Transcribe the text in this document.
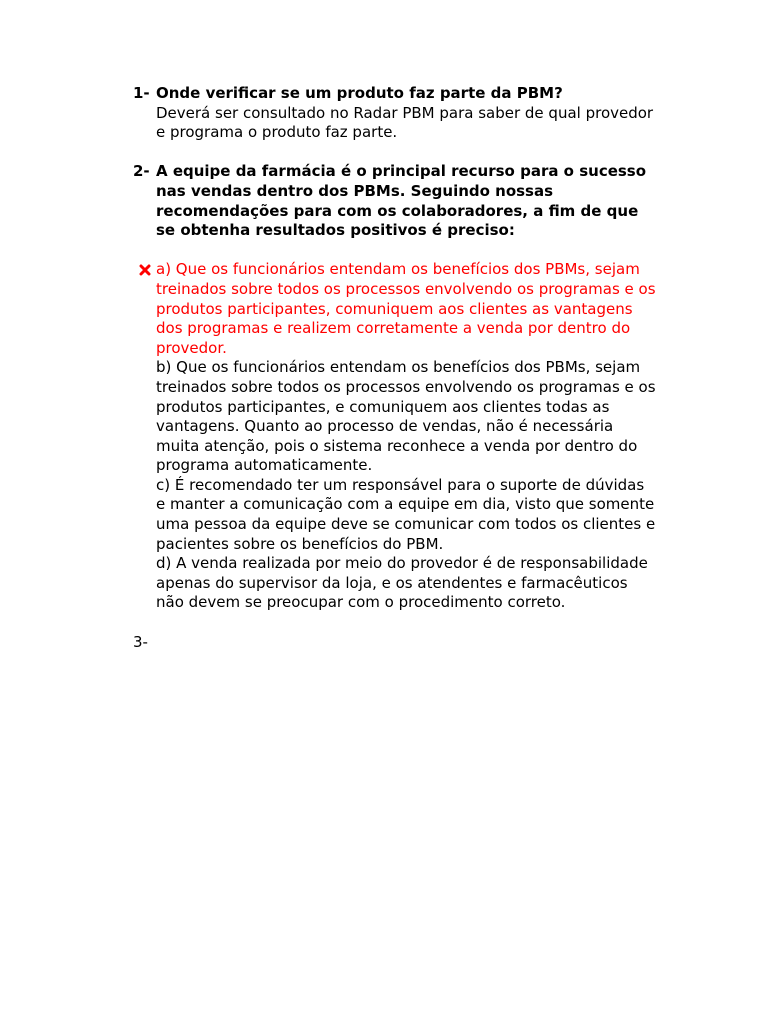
1- Onde verificar se um produto faz parte da PBM?
Deverá ser consultado no Radar PBM para saber de qual provedor e programa o produto faz parte.
2- A equipe da farmácia é o principal recurso para o sucesso nas vendas dentro dos PBMs. Seguindo nossas recomendações para com os colaboradores, a fim de que se obtenha resultados positivos é preciso:
a) Que os funcionários entendam os benefícios dos PBMs, sejam treinados sobre todos os processos envolvendo os programas e os produtos participantes, comuniquem aos clientes as vantagens dos programas e realizem corretamente a venda por dentro do provedor.
b) Que os funcionários entendam os benefícios dos PBMs, sejam treinados sobre todos os processos envolvendo os programas e os produtos participantes, e comuniquem aos clientes todas as vantagens. Quanto ao processo de vendas, não é necessária muita atenção, pois o sistema reconhece a venda por dentro do programa automaticamente.
c) É recomendado ter um responsável para o suporte de dúvidas e manter a comunicação com a equipe em dia, visto que somente uma pessoa da equipe deve se comunicar com todos os clientes e pacientes sobre os benefícios do PBM.
d) A venda realizada por meio do provedor é de responsabilidade apenas do supervisor da loja, e os atendentes e farmacêuticos não devem se preocupar com o procedimento correto.
3-
